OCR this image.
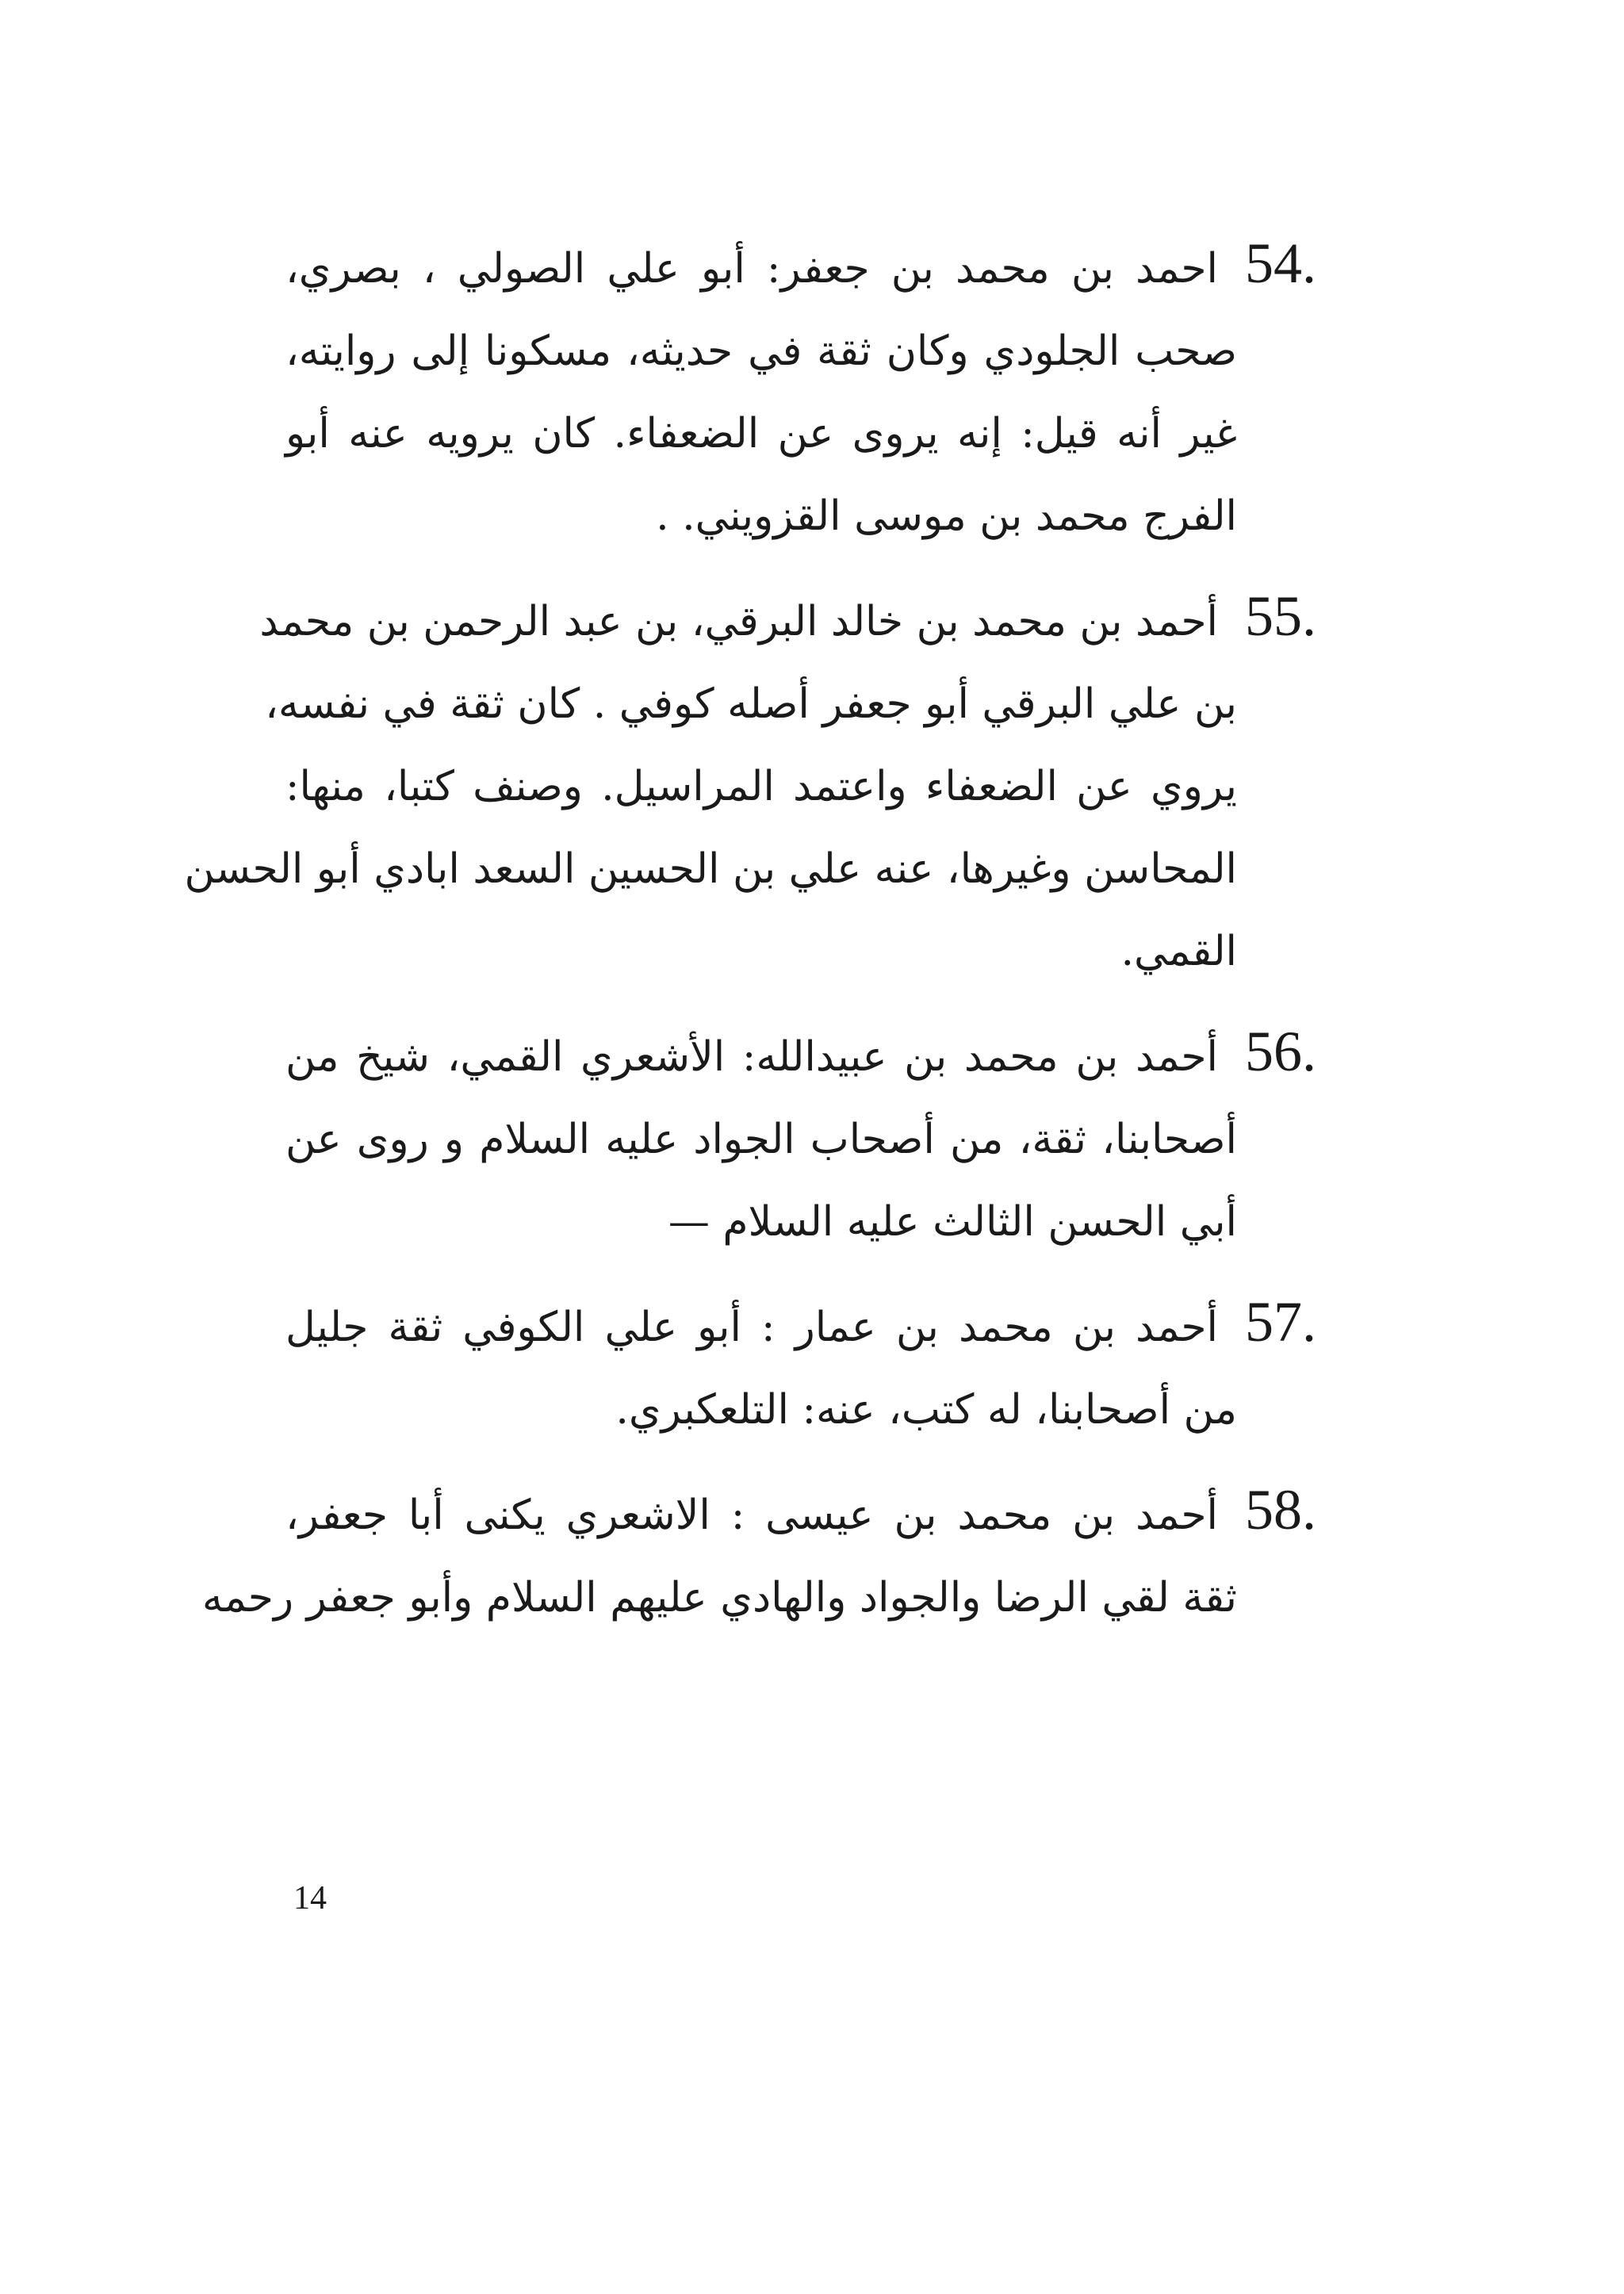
54.احمد بن محمد بن جعفر: أبو علي الصولي ، بصري،
صحب الجلودي وكان ثقة في حديثه، مسكونا إلى روايته،
غير أنه قيل: إنه يروى عن الضعفاء. كان يرويه عنه أبو
الفرج محمد بن موسى القزويني. .
55.أحمد بن محمد بن خالد البرقي، بن عبد الرحمن بن محمد
بن علي البرقي أبو جعفر أصله كوفي . كان ثقة في نفسه،
يروي عن الضعفاء واعتمد المراسيل. وصنف كتبا، منها:
المحاسن وغيرها، عنه علي بن الحسين السعد ابادي أبو الحسن
القمي.
56.أحمد بن محمد بن عبيدالله: الأشعري القمي، شيخ من
أصحابنا، ثقة، من أصحاب الجواد عليه السلام و روى عن
أبي الحسن الثالث عليه السلام —
57.أحمد بن محمد بن عمار : أبو علي الكوفي ثقة جليل
من أصحابنا، له كتب، عنه: التلعكبري.
58.أحمد بن محمد بن عيسى : الاشعري يكنى أبا جعفر،
ثقة لقي الرضا والجواد والهادي عليهم السلام وأبو جعفر رحمه
14
